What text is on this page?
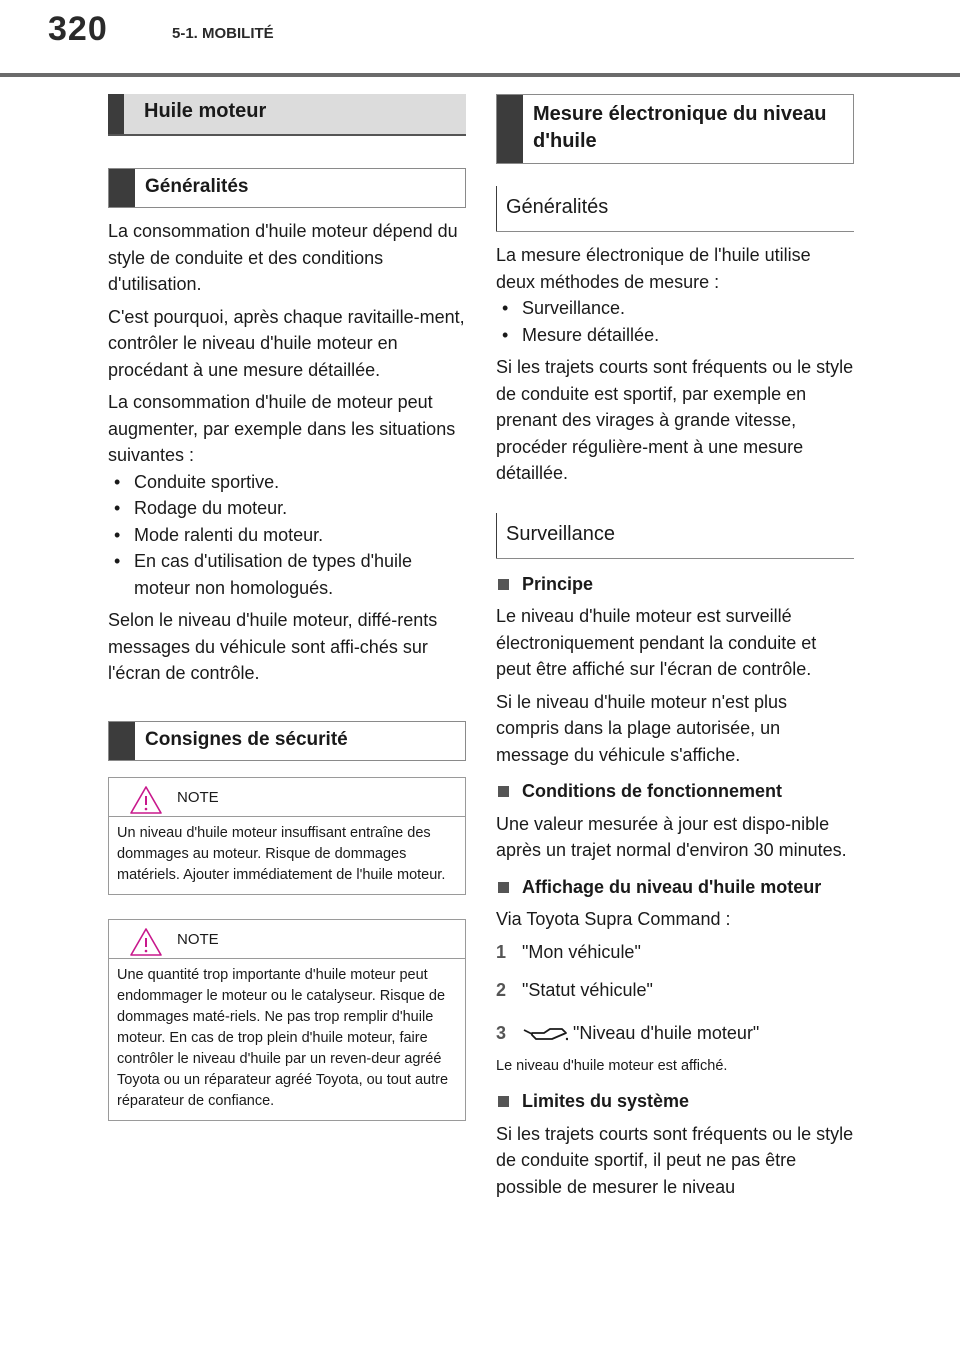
320	5-1. MOBILITÉ
Huile moteur
Généralités

La consommation d'huile moteur dépend du style de conduite et des conditions d'utilisation.

C'est pourquoi, après chaque ravitaille-ment, contrôler le niveau d'huile moteur en procédant à une mesure détaillée.

La consommation d'huile de moteur peut augmenter, par exemple dans les situations suivantes :

• Conduite sportive.
• Rodage du moteur.
• Mode ralenti du moteur.
• En cas d'utilisation de types d'huile moteur non homologués.

Selon le niveau d'huile moteur, diffé-rents messages du véhicule sont affi-chés sur l'écran de contrôle.

Consignes de sécurité
NOTE
Un niveau d'huile moteur insuffisant entraîne des dommages au moteur. Risque de dommages matériels. Ajouter immédiatement de l'huile moteur.
NOTE
Une quantité trop importante d'huile moteur peut endommager le moteur ou le catalyseur. Risque de dommages maté-riels. Ne pas trop remplir d'huile moteur. En cas de trop plein d'huile moteur, faire contrôler le niveau d'huile par un reven-deur agréé Toyota ou un réparateur agréé Toyota, ou tout autre réparateur de confiance.
Mesure électronique du niveau d'huile
Généralités

La mesure électronique de l'huile utilise deux méthodes de mesure :

• Surveillance.
• Mesure détaillée.

Si les trajets courts sont fréquents ou le style de conduite est sportif, par exemple en prenant des virages à grande vitesse, procéder régulière-ment à une mesure détaillée.

Surveillance
Principe

Le niveau d'huile moteur est surveillé électroniquement pendant la conduite et peut être affiché sur l'écran de contrôle.

Si le niveau d'huile moteur n'est plus compris dans la plage autorisée, un message du véhicule s'affiche.

Conditions de fonctionnement

Une valeur mesurée à jour est dispo-nible après un trajet normal d'environ 30 minutes.

Affichage du niveau d'huile moteur

Via Toyota Supra Command :

1 "Mon véhicule"
2 "Statut véhicule"
3	"Niveau d'huile moteur"

Le niveau d'huile moteur est affiché.

Limites du système

Si les trajets courts sont fréquents ou le style de conduite sportif, il peut ne pas être possible de mesurer le niveau
